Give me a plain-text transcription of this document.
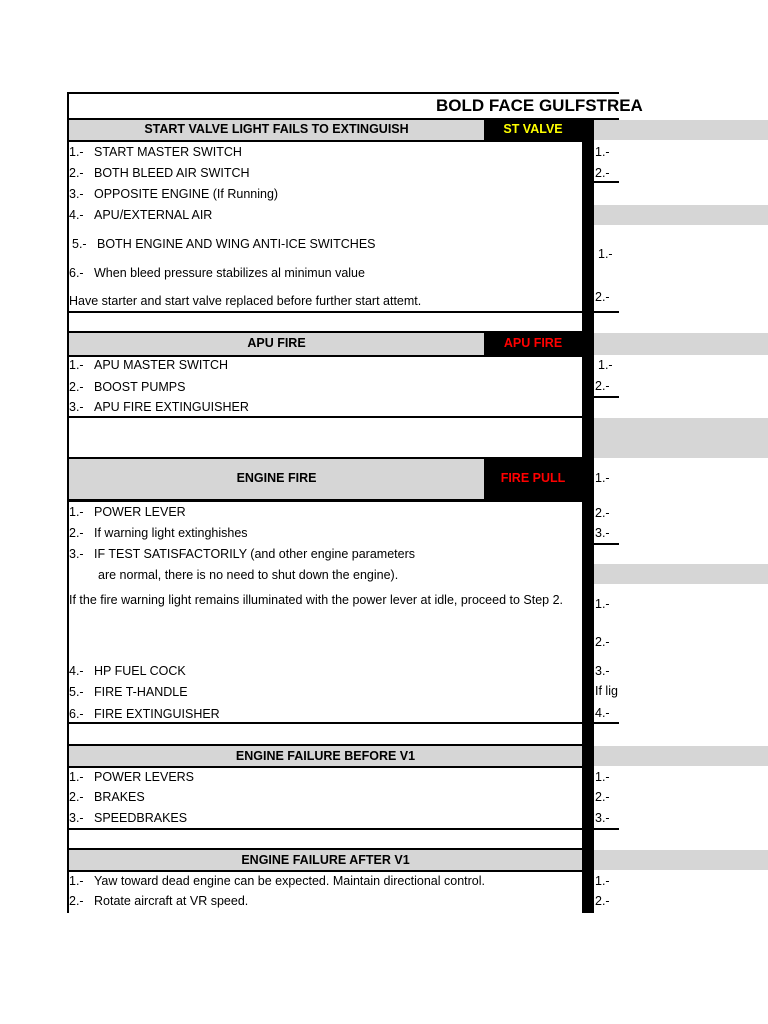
BOLD FACE GULFSTREA
START VALVE LIGHT FAILS TO EXTINGUISH	ST VALVE
1.- START MASTER SWITCH
2.- BOTH BLEED AIR SWITCH
3.- OPPOSITE ENGINE (If Running)
4.- APU/EXTERNAL AIR
5.- BOTH ENGINE AND WING ANTI-ICE SWITCHES
6.- When bleed pressure stabilizes al minimun value
Have starter and start valve replaced before further start attemt.
APU FIRE	APU FIRE
1.- APU MASTER SWITCH
2.- BOOST PUMPS
3.- APU FIRE EXTINGUISHER
ENGINE FIRE	FIRE PULL
1.- POWER LEVER
2.- If warning light extinghishes
3.- IF TEST SATISFACTORILY (and other engine parameters
are normal, there is no need to shut down the engine).
If the fire warning light remains illuminated with the power lever at idle, proceed to Step 2.
4.- HP FUEL COCK
5.- FIRE T-HANDLE
6.- FIRE EXTINGUISHER
ENGINE FAILURE BEFORE V1
1.- POWER LEVERS
2.- BRAKES
3.- SPEEDBRAKES
ENGINE FAILURE AFTER V1
1.- Yaw toward dead engine can be expected. Maintain directional control.
2.- Rotate aircraft at VR speed.
1.-
2.-
1.-
2.-
1.-
2.-
1.-
2.-
3.-
1.-
2.-
3.-
If lig
4.-
1.-
2.-
3.-
1.-
2.-
